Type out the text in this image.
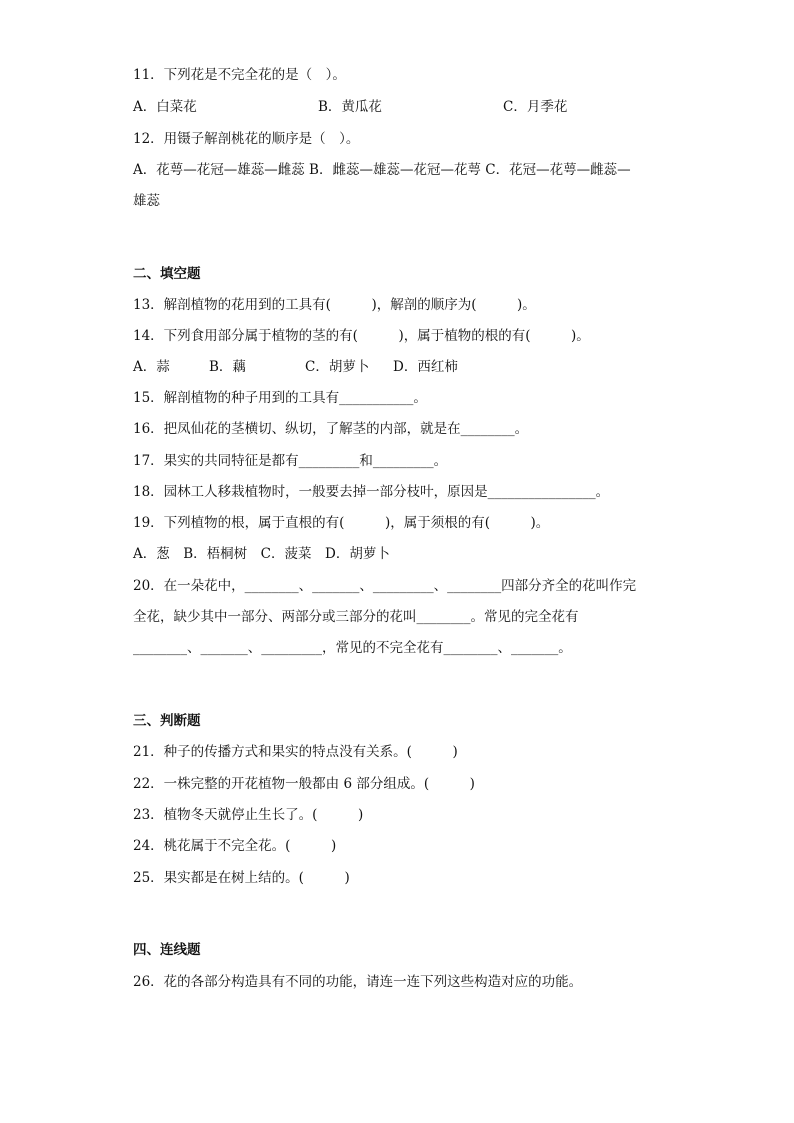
11．下列花是不完全花的是（　）。
A．白菜花	B．黄瓜花	C．月季花
12．用镊子解剖桃花的顺序是（　）。
A．花萼—花冠—雄蕊—雌蕊 B．雌蕊—雄蕊—花冠—花萼 C．花冠—花萼—雌蕊—
雄蕊
二、填空题
13．解剖植物的花用到的工具有(　　　)，解剖的顺序为(　　　)。
14．下列食用部分属于植物的茎的有(　　　)，属于植物的根的有(　　　)。
A．蒜	B．藕	C．胡萝卜 D．西红柿
15．解剖植物的种子用到的工具有___________。
16．把凤仙花的茎横切、纵切，了解茎的内部，就是在________。
17．果实的共同特征是都有_________和_________。
18．园林工人移栽植物时，一般要去掉一部分枝叶，原因是________________。
19．下列植物的根，属于直根的有(　　　)，属于须根的有(　　　)。
A．葱　B．梧桐树　C．菠菜　D．胡萝卜
20．在一朵花中，________、_______、_________、________四部分齐全的花叫作完
全花，缺少其中一部分、两部分或三部分的花叫________。常见的完全花有
________、_______、_________，常见的不完全花有________、_______。
三、判断题
21．种子的传播方式和果实的特点没有关系。(　　　)
22．一株完整的开花植物一般都由 6 部分组成。(　　　)
23．植物冬天就停止生长了。(　　　)
24．桃花属于不完全花。(　　　)
25．果实都是在树上结的。(　　　)
四、连线题
26．花的各部分构造具有不同的功能，请连一连下列这些构造对应的功能。
